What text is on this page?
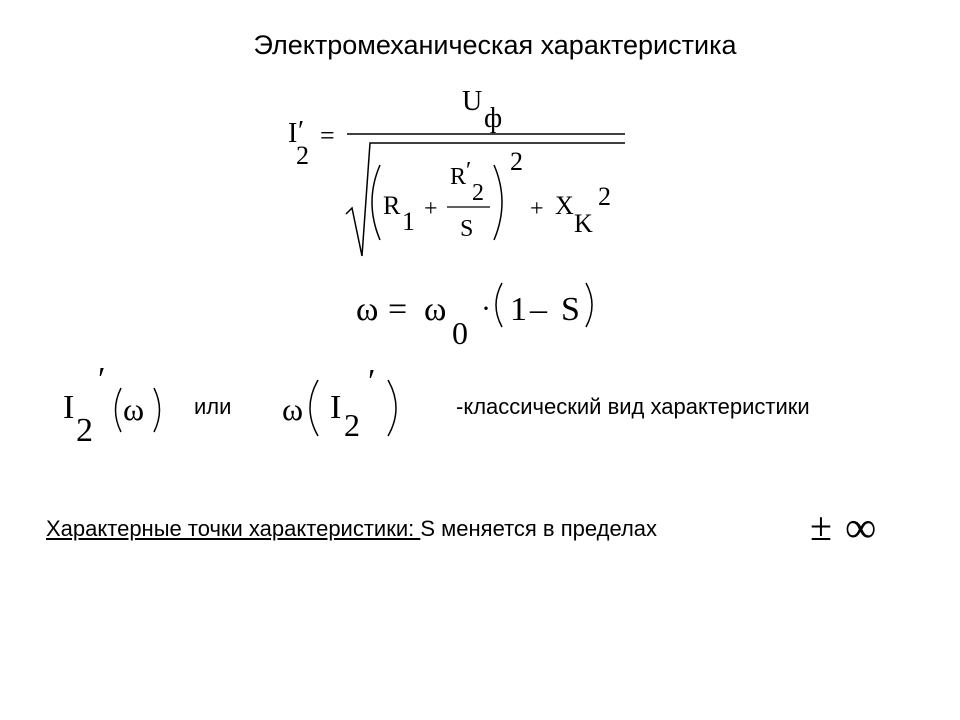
Электромеханическая характеристика
I ′
2
=
U
ф
R
1 +
R ′
2
S
2
+ X
K
2
ω = ω
0
· 1 – S
I
2
′
ω или ω I 2
′
-классический вид характеристики
Характерные точки характеристики: S меняется в пределах	± ∞
